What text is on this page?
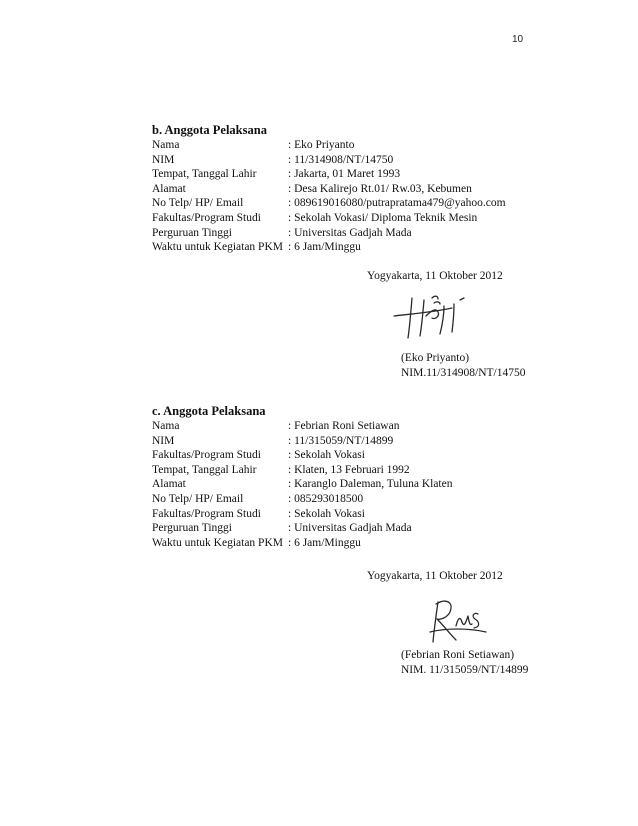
10
b. Anggota Pelaksana
Nama	: Eko Priyanto
NIM	: 11/314908/NT/14750
Tempat, Tanggal Lahir	: Jakarta, 01 Maret 1993
Alamat	: Desa Kalirejo Rt.01/ Rw.03, Kebumen
No Telp/ HP/ Email	: 089619016080/putrapratama479@yahoo.com
Fakultas/Program Studi	: Sekolah Vokasi/ Diploma Teknik Mesin
Perguruan Tinggi	: Universitas Gadjah Mada
Waktu untuk Kegiatan PKM : 6 Jam/Minggu
Yogyakarta, 11 Oktober 2012
(Eko Priyanto)
NIM.11/314908/NT/14750
c. Anggota Pelaksana
Nama	: Febrian Roni Setiawan
NIM	: 11/315059/NT/14899
Fakultas/Program Studi	: Sekolah Vokasi
Tempat, Tanggal Lahir	: Klaten, 13 Februari 1992
Alamat	: Karanglo Daleman, Tuluna Klaten
No Telp/ HP/ Email	: 085293018500
Fakultas/Program Studi	: Sekolah Vokasi
Perguruan Tinggi	: Universitas Gadjah Mada
Waktu untuk Kegiatan PKM : 6 Jam/Minggu
Yogyakarta, 11 Oktober 2012
(Febrian Roni Setiawan)
NIM. 11/315059/NT/14899
